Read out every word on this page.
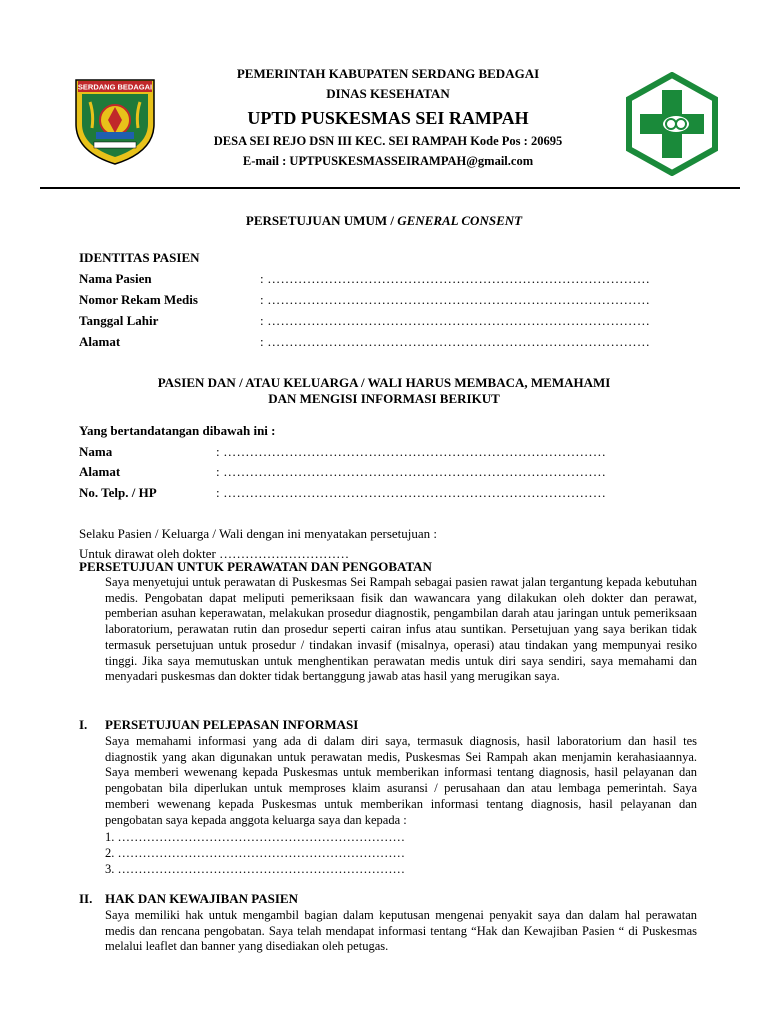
SERDANG BEDAGAI
PEMERINTAH KABUPATEN SERDANG BEDAGAI
DINAS KESEHATAN
UPTD PUSKESMAS SEI RAMPAH
DESA SEI REJO DSN III KEC. SEI RAMPAH Kode Pos : 20695
E-mail : UPTPUSKESMASSEIRAMPAH@gmail.com
PERSETUJUAN UMUM / GENERAL CONSENT
IDENTITAS PASIEN
Nama Pasien	: ……………………………………………………………………………
Nomor Rekam Medis	: ……………………………………………………………………………
Tanggal Lahir	: ……………………………………………………………………………
Alamat	: ……………………………………………………………………………
PASIEN DAN / ATAU KELUARGA / WALI HARUS MEMBACA, MEMAHAMI
DAN MENGISI INFORMASI BERIKUT
Yang bertandatangan dibawah ini :
Nama	: ……………………………………………………………………………
Alamat	: ……………………………………………………………………………
No. Telp. / HP	: ……………………………………………………………………………
Selaku Pasien / Keluarga / Wali dengan ini menyatakan persetujuan :
Untuk dirawat oleh dokter …………………………
PERSETUJUAN UNTUK PERAWATAN DAN PENGOBATAN
Saya menyetujui untuk perawatan di Puskesmas Sei Rampah sebagai pasien rawat jalan tergantung kepada kebutuhan medis. Pengobatan dapat meliputi pemeriksaan fisik dan wawancara yang dilakukan oleh dokter dan perawat, pemberian asuhan keperawatan, melakukan prosedur diagnostik, pengambilan darah atau jaringan untuk pemeriksaan laboratorium, perawatan rutin dan prosedur seperti cairan infus atau suntikan. Persetujuan yang saya berikan tidak termasuk persetujuan untuk prosedur / tindakan invasif (misalnya, operasi) atau tindakan yang mempunyai resiko tinggi. Jika saya memutuskan untuk menghentikan perawatan medis untuk diri saya sendiri, saya memahami dan menyadari puskesmas dan dokter tidak bertanggung jawab atas hasil yang merugikan saya.
I. PERSETUJUAN PELEPASAN INFORMASI
Saya memahami informasi yang ada di dalam diri saya, termasuk diagnosis, hasil laboratorium dan hasil tes diagnostik yang akan digunakan untuk perawatan medis, Puskesmas Sei Rampah akan menjamin kerahasiaannya. Saya memberi wewenang kepada Puskesmas untuk memberikan informasi tentang diagnosis, hasil pelayanan dan pengobatan bila diperlukan untuk memproses klaim asuransi / perusahaan dan atau lembaga pemerintah. Saya memberi wewenang kepada Puskesmas untuk memberikan informasi tentang diagnosis, hasil pelayanan dan pengobatan saya kepada anggota keluarga saya dan kepada :
1. ……………………………………………………………
2. ……………………………………………………………
3. ……………………………………………………………
II. HAK DAN KEWAJIBAN PASIEN
Saya memiliki hak untuk mengambil bagian dalam keputusan mengenai penyakit saya dan dalam hal perawatan medis dan rencana pengobatan. Saya telah mendapat informasi tentang “Hak dan Kewajiban Pasien “ di Puskesmas melalui leaflet dan banner yang disediakan oleh petugas.
